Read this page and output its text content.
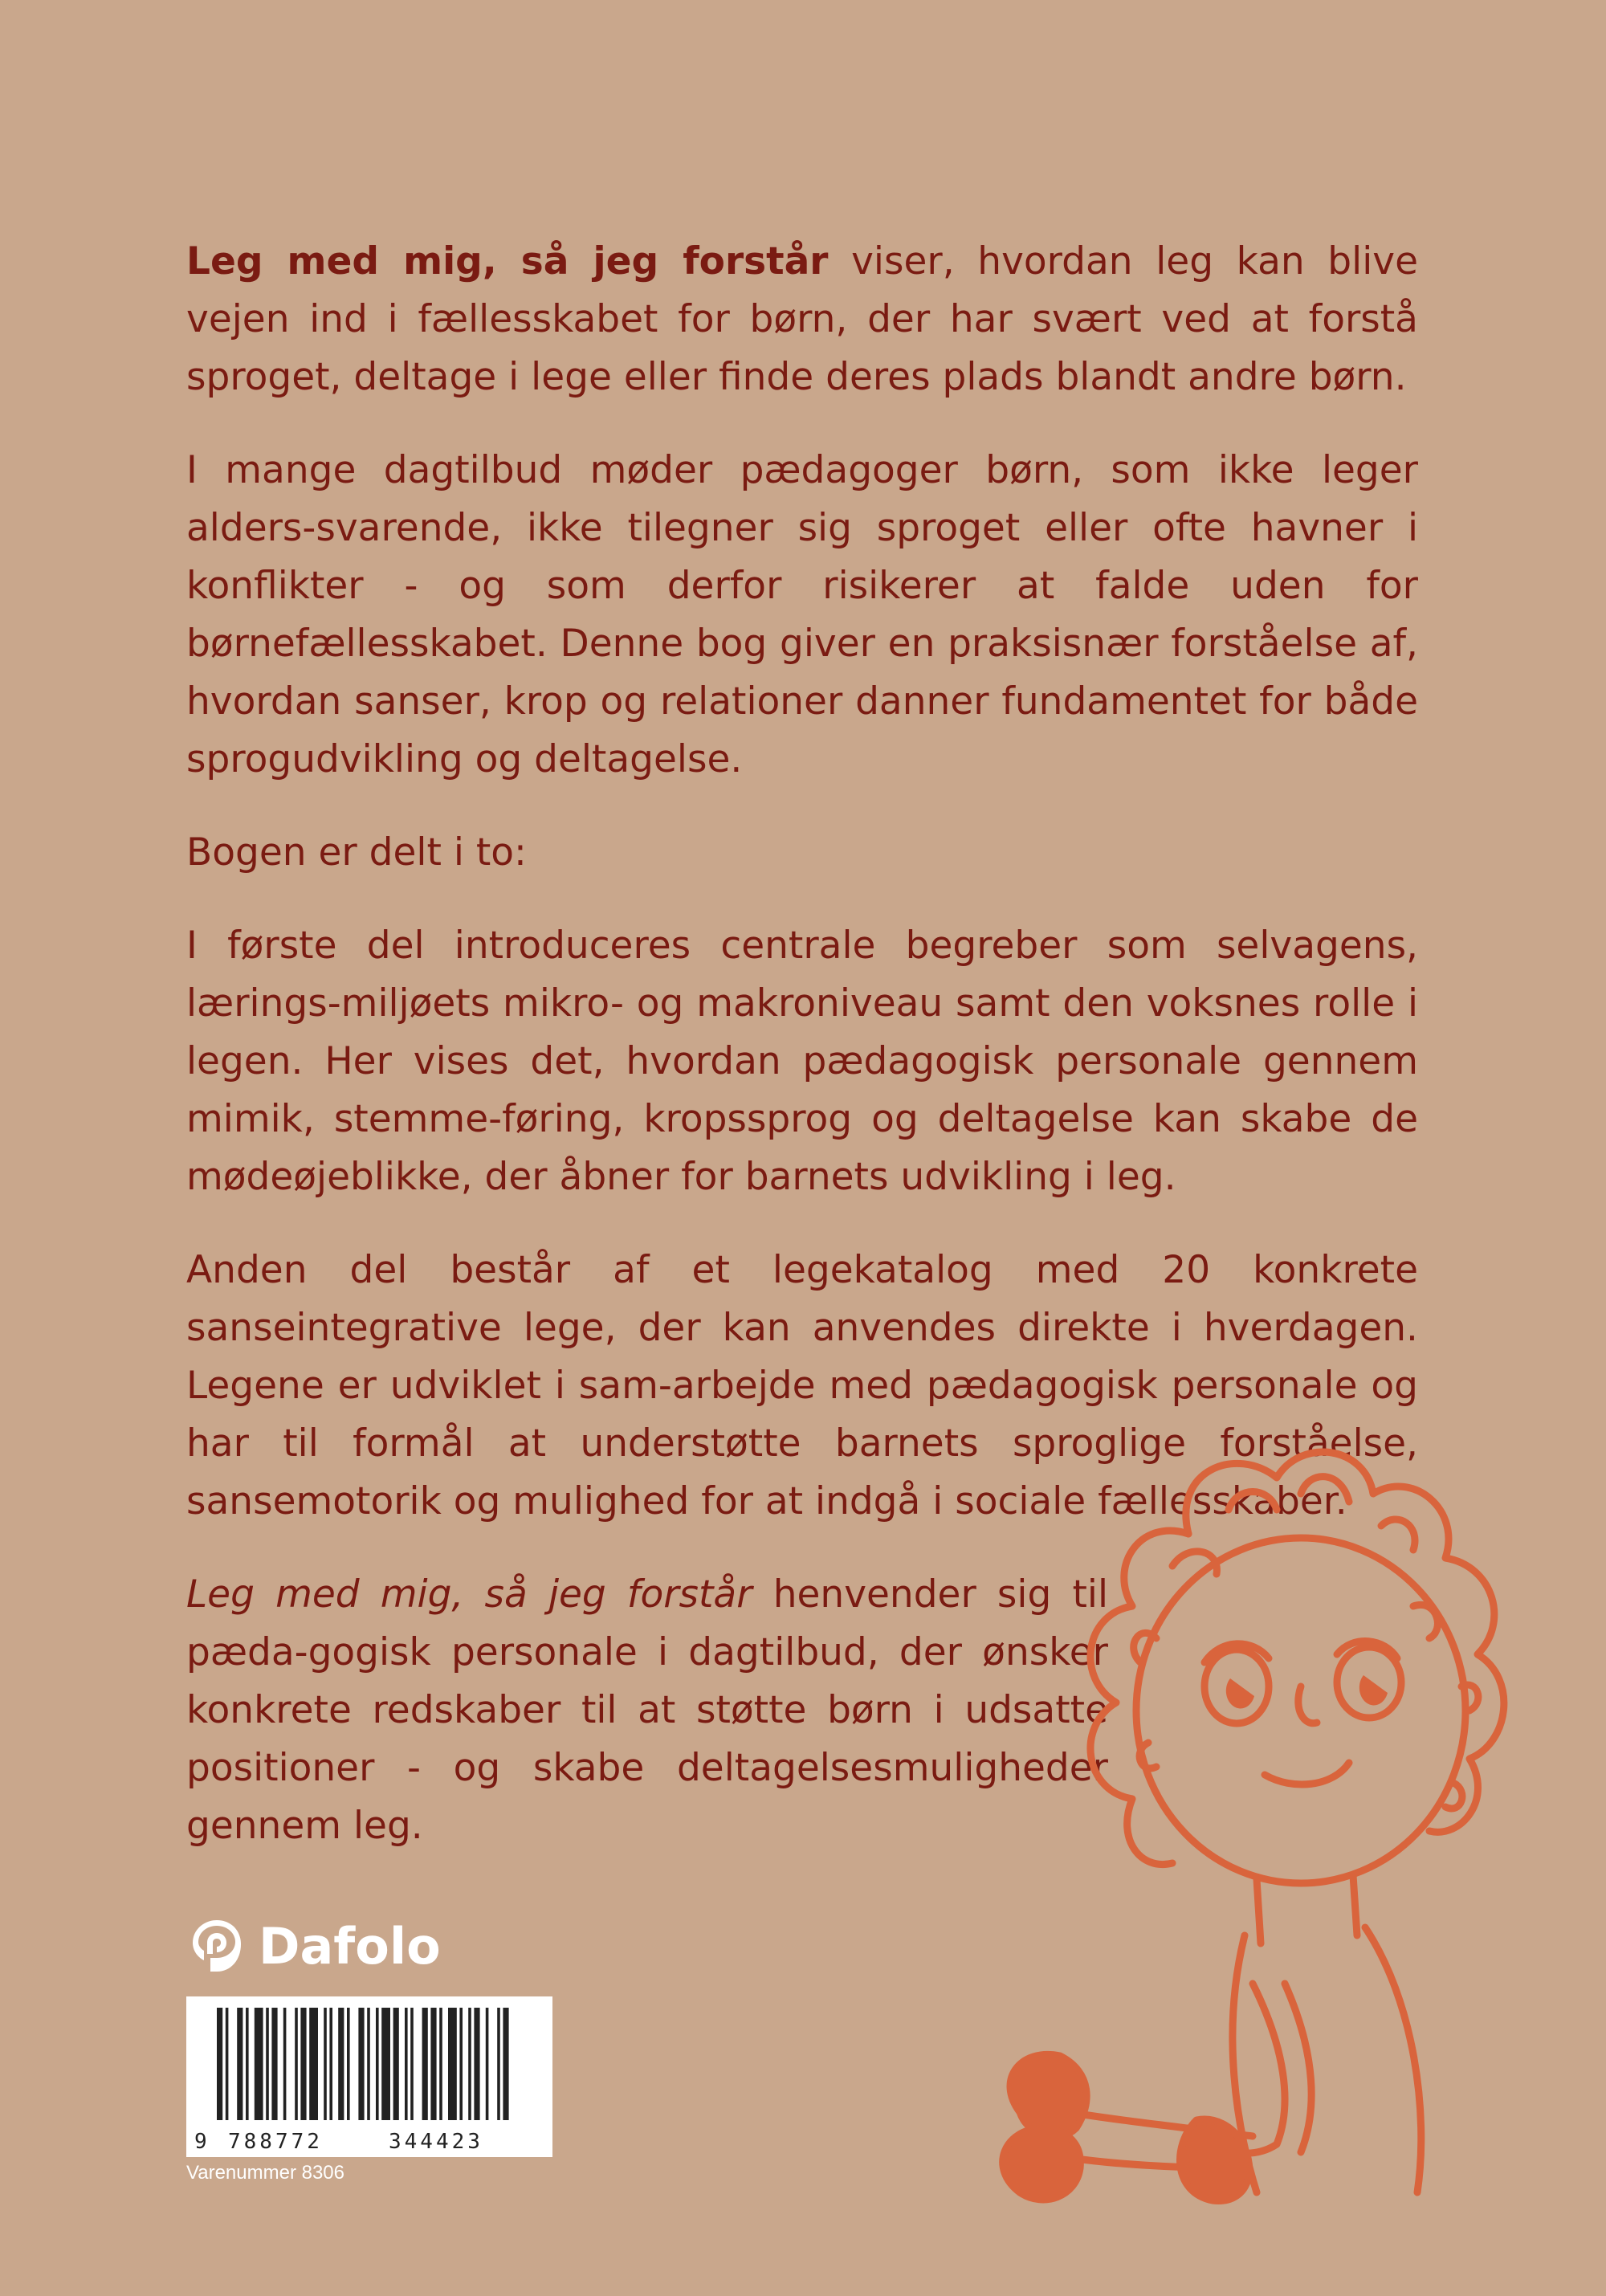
Leg med mig, så jeg forstår viser, hvordan leg kan blive vejen ind i fællesskabet for børn, der har svært ved at forstå sproget, deltage i lege eller finde deres plads blandt andre børn.

I mange dagtilbud møder pædagoger børn, som ikke leger alders-svarende, ikke tilegner sig sproget eller ofte havner i konflikter - og som derfor risikerer at falde uden for børnefællesskabet. Denne bog giver en praksisnær forståelse af, hvordan sanser, krop og relationer danner fundamentet for både sprogudvikling og deltagelse.

Bogen er delt i to:

I første del introduceres centrale begreber som selvagens, lærings-miljøets mikro- og makroniveau samt den voksnes rolle i legen. Her vises det, hvordan pædagogisk personale gennem mimik, stemme-føring, kropssprog og deltagelse kan skabe de mødeøjeblikke, der åbner for barnets udvikling i leg.

Anden del består af et legekatalog med 20 konkrete sanseintegrative lege, der kan anvendes direkte i hverdagen. Legene er udviklet i sam-arbejde med pædagogisk personale og har til formål at understøtte barnets sproglige forståelse, sansemotorik og mulighed for at indgå i sociale fællesskaber.

Leg med mig, så jeg forstår henvender sig til pæda-gogisk personale i dagtilbud, der ønsker konkrete redskaber til at støtte børn i udsatte positioner - og skabe deltagelsesmuligheder gennem leg.

Dafolo
9 788772	344423
Varenummer 8306
